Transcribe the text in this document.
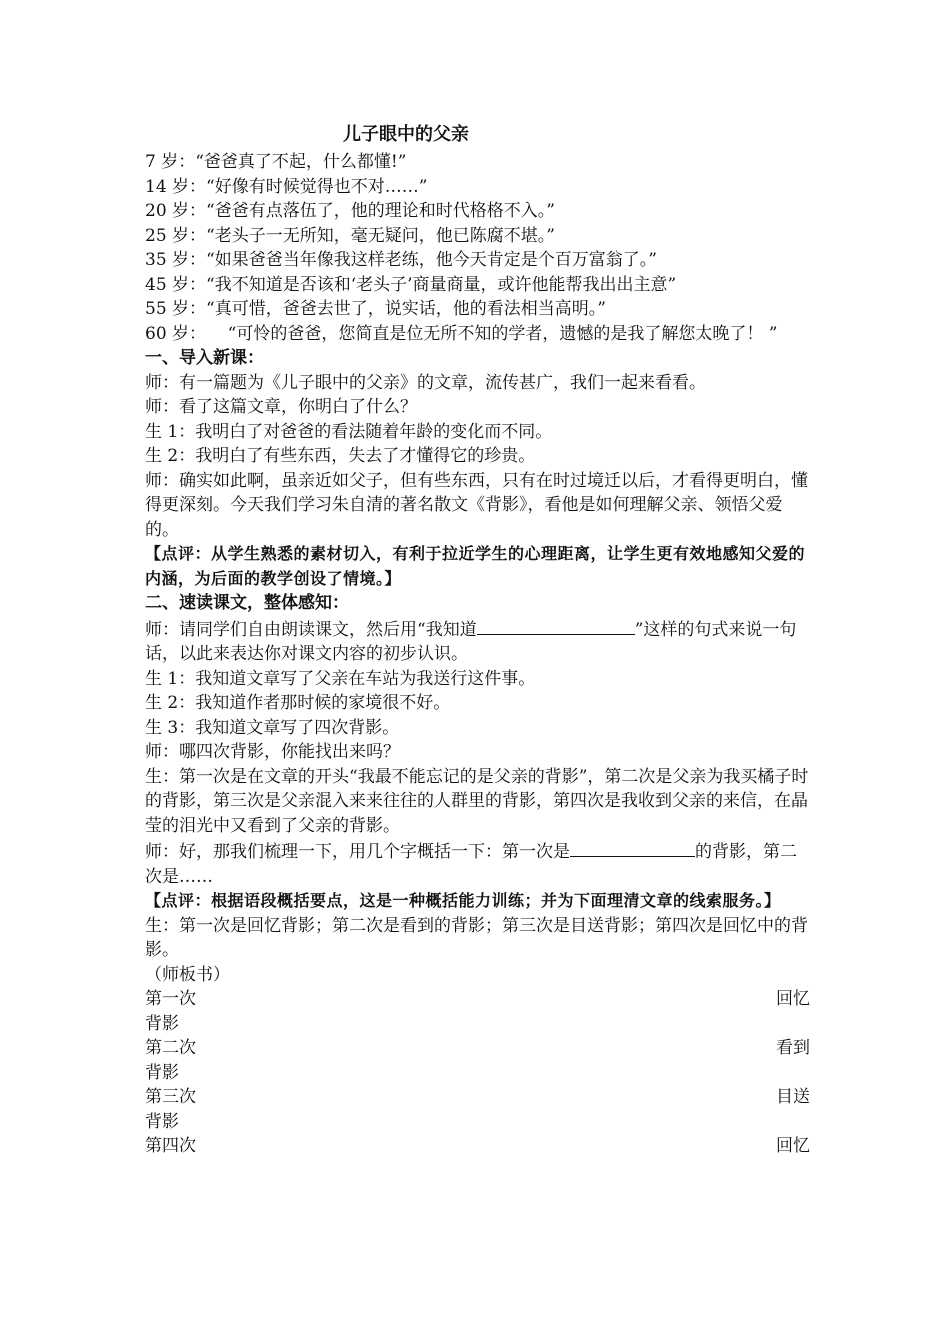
儿子眼中的父亲
7 岁：“爸爸真了不起，什么都懂!”
14 岁：“好像有时候觉得也不对……”
20 岁：“爸爸有点落伍了，他的理论和时代格格不入。”
25 岁：“老头子一无所知，毫无疑问，他已陈腐不堪。”
35 岁：“如果爸爸当年像我这样老练，他今天肯定是个百万富翁了。”
45 岁：“我不知道是否该和‘老头子’商量商量，或许他能帮我出出主意”
55 岁：“真可惜，爸爸去世了，说实话，他的看法相当高明。”
60 岁：    “可怜的爸爸，您简直是位无所不知的学者，遗憾的是我了解您太晚了！ ”
一、导入新课：
师：有一篇题为《儿子眼中的父亲》的文章，流传甚广，我们一起来看看。
师：看了这篇文章，你明白了什么？
生 1：我明白了对爸爸的看法随着年龄的变化而不同。
生 2：我明白了有些东西，失去了才懂得它的珍贵。
师：确实如此啊，虽亲近如父子，但有些东西，只有在时过境迁以后，才看得更明白，懂得更深刻。今天我们学习朱自清的著名散文《背影》，看他是如何理解父亲、领悟父爱的。
【点评：从学生熟悉的素材切入，有利于拉近学生的心理距离，让学生更有效地感知父爱的内涵，为后面的教学创设了情境。】
二、速读课文，整体感知：
师：请同学们自由朗读课文，然后用“我知道	”这样的句式来说一句话，以此来表达你对课文内容的初步认识。
生 1：我知道文章写了父亲在车站为我送行这件事。
生 2：我知道作者那时候的家境很不好。
生 3：我知道文章写了四次背影。
师：哪四次背影，你能找出来吗？
生：第一次是在文章的开头“我最不能忘记的是父亲的背影”，第二次是父亲为我买橘子时的背影，第三次是父亲混入来来往往的人群里的背影，第四次是我收到父亲的来信，在晶莹的泪光中又看到了父亲的背影。
师：好，那我们梳理一下，用几个字概括一下：第一次是	的背影，第二次是……
【点评：根据语段概括要点，这是一种概括能力训练；并为下面理清文章的线索服务。】
生：第一次是回忆背影；第二次是看到的背影；第三次是目送背影；第四次是回忆中的背影。
（师板书）
第一次	回忆
背影
第二次	看到
背影
第三次	目送
背影
第四次	回忆
